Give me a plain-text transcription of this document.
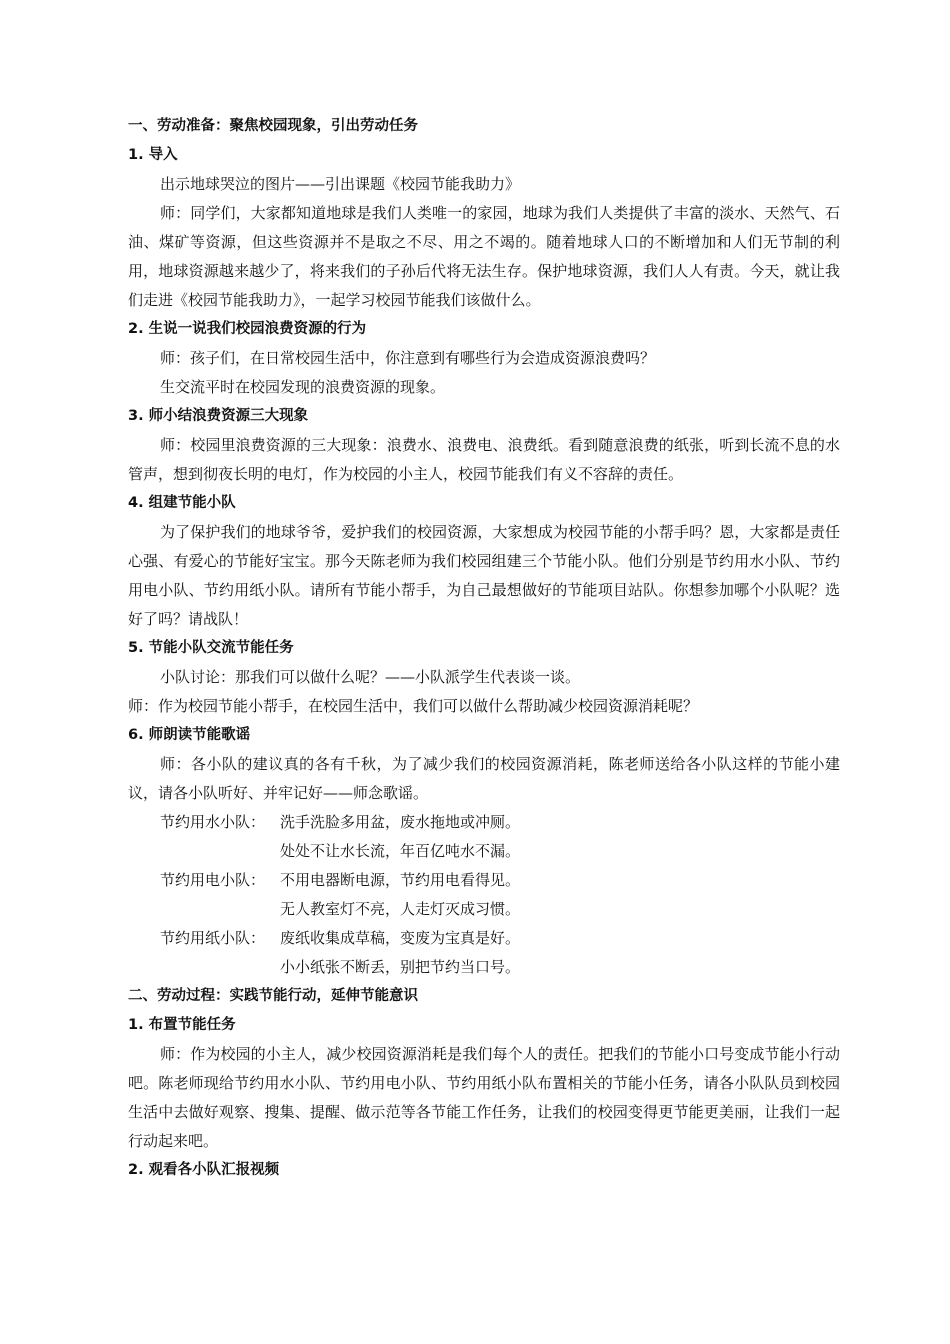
一、劳动准备：聚焦校园现象，引出劳动任务
1. 导入
出示地球哭泣的图片——引出课题《校园节能我助力》
师：同学们，大家都知道地球是我们人类唯一的家园，地球为我们人类提供了丰富的淡水、天然气、石油、煤矿等资源，但这些资源并不是取之不尽、用之不竭的。随着地球人口的不断增加和人们无节制的利用，地球资源越来越少了，将来我们的子孙后代将无法生存。保护地球资源，我们人人有责。今天，就让我们走进《校园节能我助力》，一起学习校园节能我们该做什么。
2. 生说一说我们校园浪费资源的行为
师：孩子们，在日常校园生活中，你注意到有哪些行为会造成资源浪费吗？
生交流平时在校园发现的浪费资源的现象。
3. 师小结浪费资源三大现象
师：校园里浪费资源的三大现象：浪费水、浪费电、浪费纸。看到随意浪费的纸张，听到长流不息的水管声，想到彻夜长明的电灯，作为校园的小主人，校园节能我们有义不容辞的责任。
4. 组建节能小队
为了保护我们的地球爷爷，爱护我们的校园资源，大家想成为校园节能的小帮手吗？恩，大家都是责任心强、有爱心的节能好宝宝。那今天陈老师为我们校园组建三个节能小队。他们分别是节约用水小队、节约用电小队、节约用纸小队。请所有节能小帮手，为自己最想做好的节能项目站队。你想参加哪个小队呢？选好了吗？请战队！
5. 节能小队交流节能任务
小队讨论：那我们可以做什么呢？——小队派学生代表谈一谈。
师：作为校园节能小帮手，在校园生活中，我们可以做什么帮助减少校园资源消耗呢？
6. 师朗读节能歌谣
师：各小队的建议真的各有千秋，为了减少我们的校园资源消耗，陈老师送给各小队这样的节能小建议，请各小队听好、并牢记好——师念歌谣。
节约用水小队： 洗手洗脸多用盆，废水拖地或冲厕。
处处不让水长流，年百亿吨水不漏。
节约用电小队： 不用电器断电源，节约用电看得见。
无人教室灯不亮，人走灯灭成习惯。
节约用纸小队： 废纸收集成草稿，变废为宝真是好。
小小纸张不断丢，别把节约当口号。
二、劳动过程：实践节能行动，延伸节能意识
1. 布置节能任务
师：作为校园的小主人，减少校园资源消耗是我们每个人的责任。把我们的节能小口号变成节能小行动吧。陈老师现给节约用水小队、节约用电小队、节约用纸小队布置相关的节能小任务，请各小队队员到校园生活中去做好观察、搜集、提醒、做示范等各节能工作任务，让我们的校园变得更节能更美丽，让我们一起行动起来吧。
2. 观看各小队汇报视频
